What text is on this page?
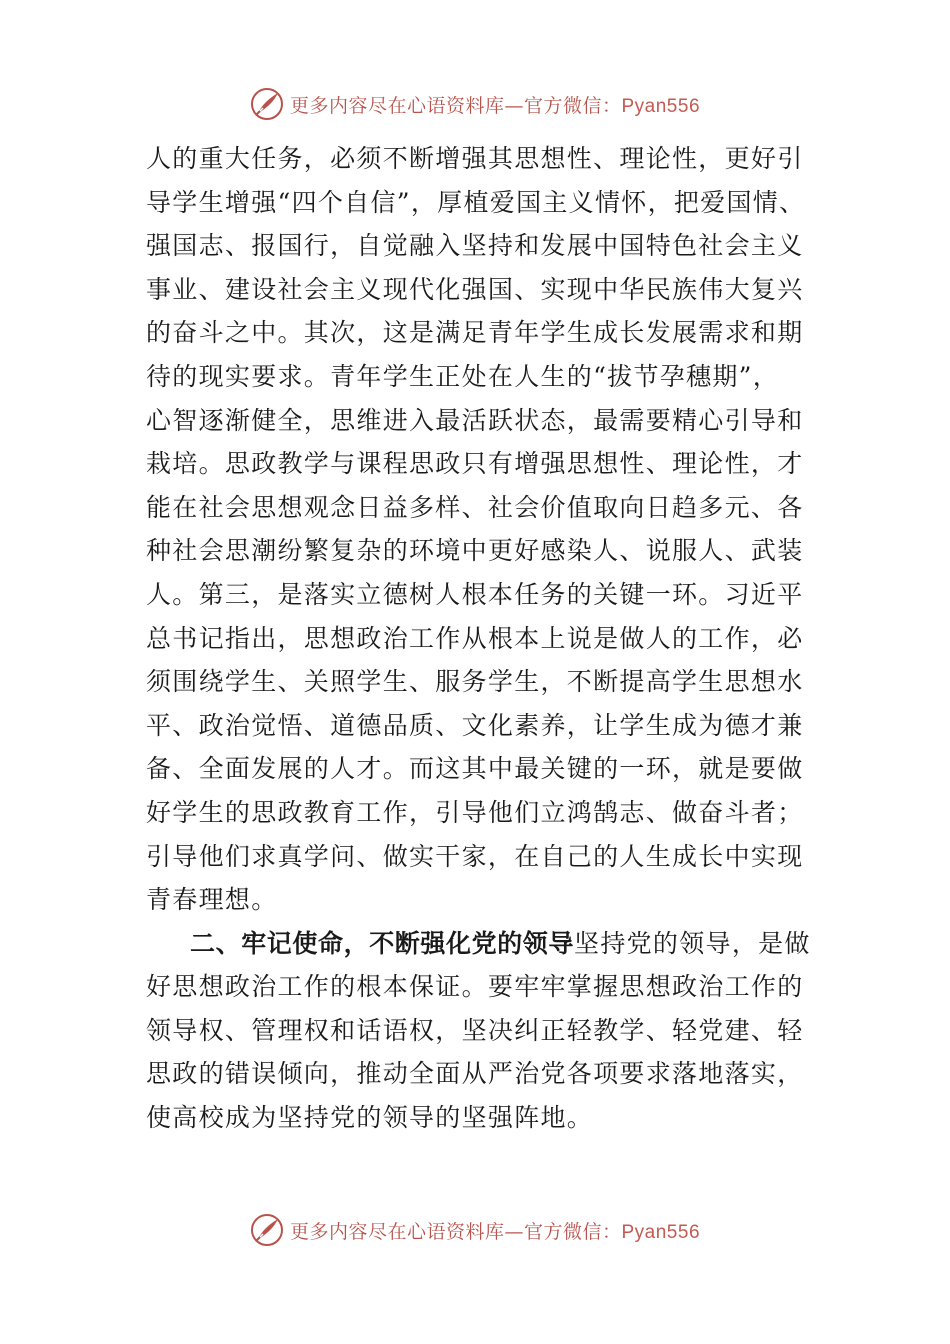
更多内容尽在心语资料库—官方微信：Pyan556
人的重大任务，必须不断增强其思想性、理论性，更好引
导学生增强“四个自信”，厚植爱国主义情怀，把爱国情、
强国志、报国行，自觉融入坚持和发展中国特色社会主义
事业、建设社会主义现代化强国、实现中华民族伟大复兴
的奋斗之中。其次，这是满足青年学生成长发展需求和期
待的现实要求。青年学生正处在人生的“拔节孕穗期”，
心智逐渐健全，思维进入最活跃状态，最需要精心引导和
栽培。思政教学与课程思政只有增强思想性、理论性，才
能在社会思想观念日益多样、社会价值取向日趋多元、各
种社会思潮纷繁复杂的环境中更好感染人、说服人、武装
人。第三，是落实立德树人根本任务的关键一环。习近平
总书记指出，思想政治工作从根本上说是做人的工作，必
须围绕学生、关照学生、服务学生，不断提高学生思想水
平、政治觉悟、道德品质、文化素养，让学生成为德才兼
备、全面发展的人才。而这其中最关键的一环，就是要做
好学生的思政教育工作，引导他们立鸿鹄志、做奋斗者；
引导他们求真学问、做实干家，在自己的人生成长中实现
青春理想。
二、牢记使命，不断强化党的领导坚持党的领导，是做
好思想政治工作的根本保证。要牢牢掌握思想政治工作的
领导权、管理权和话语权，坚决纠正轻教学、轻党建、轻
思政的错误倾向，推动全面从严治党各项要求落地落实，
使高校成为坚持党的领导的坚强阵地。
更多内容尽在心语资料库—官方微信：Pyan556
